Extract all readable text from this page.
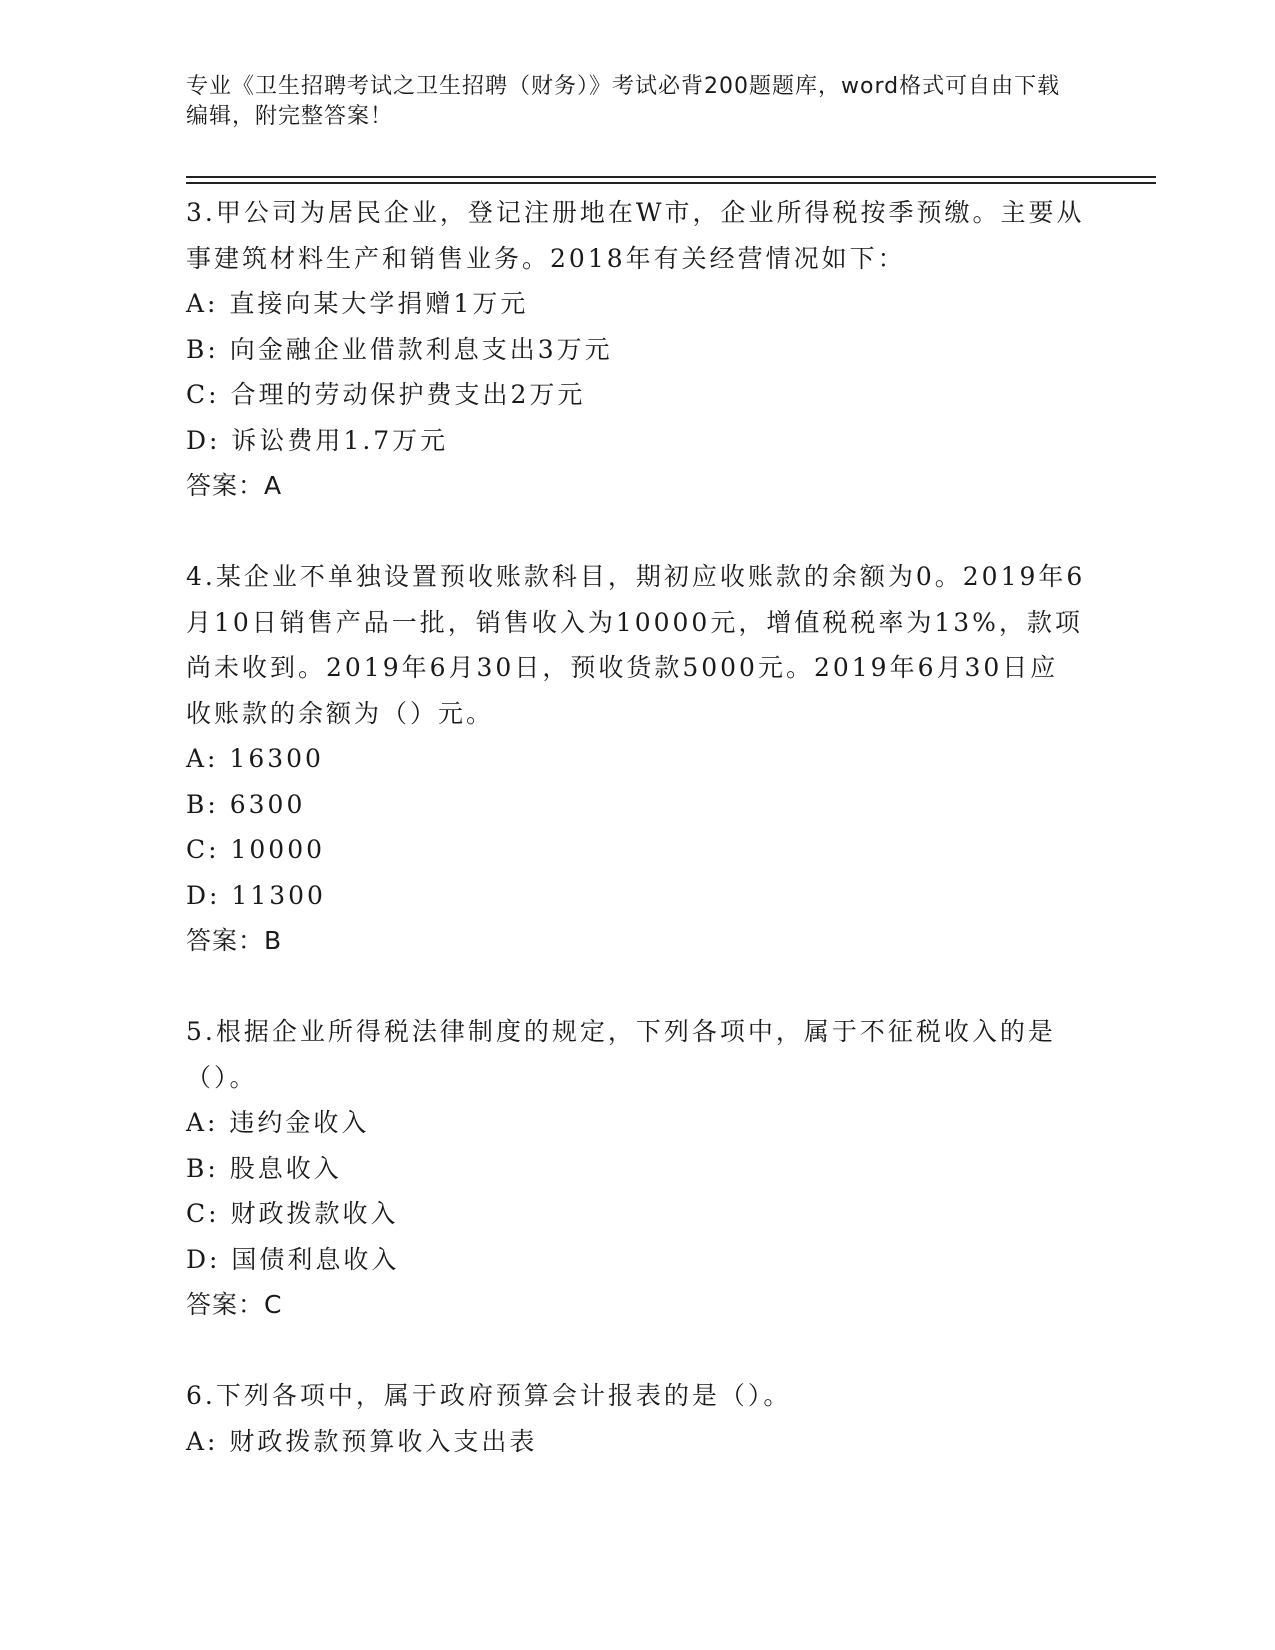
专业《卫生招聘考试之卫生招聘（财务）》考试必背200题题库，word格式可自由下载编辑，附完整答案！

3.甲公司为居民企业，登记注册地在W市，企业所得税按季预缴。主要从事建筑材料生产和销售业务。2018年有关经营情况如下：

A: 直接向某大学捐赠1万元

B: 向金融企业借款利息支出3万元

C: 合理的劳动保护费支出2万元

D: 诉讼费用1.7万元

答案：A

4.某企业不单独设置预收账款科目，期初应收账款的余额为0。2019年6月10日销售产品一批，销售收入为10000元，增值税税率为13%，款项尚未收到。2019年6月30日，预收货款5000元。2019年6月30日应收账款的余额为（）元。

A: 16300

B: 6300

C: 10000

D: 11300

答案：B

5.根据企业所得税法律制度的规定，下列各项中，属于不征税收入的是（）。

A: 违约金收入

B: 股息收入

C: 财政拨款收入

D: 国债利息收入

答案：C

6.下列各项中，属于政府预算会计报表的是（）。

A: 财政拨款预算收入支出表
